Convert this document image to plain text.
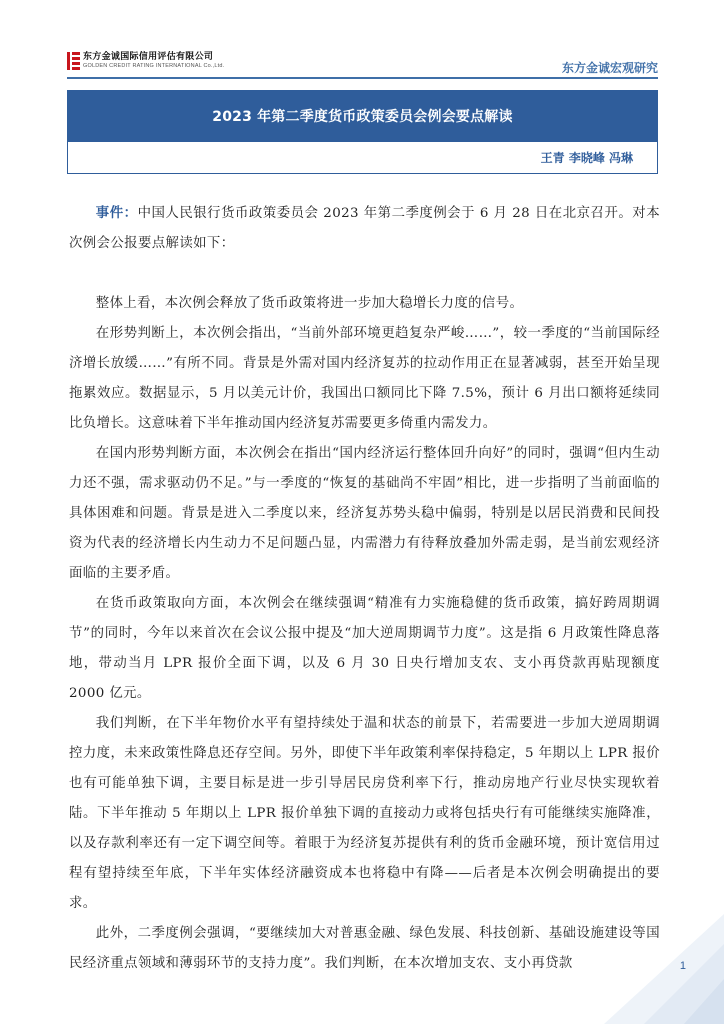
东方金诚国际信用评估有限公司
GOLDEN CREDIT RATING INTERNATIONAL Co.,Ltd.	东方金诚宏观研究
2023 年第二季度货币政策委员会例会要点解读
王青 李晓峰 冯琳

事件：中国人民银行货币政策委员会 2023 年第二季度例会于 6 月 28 日在北京召开。对本次例会公报要点解读如下：

整体上看，本次例会释放了货币政策将进一步加大稳增长力度的信号。

在形势判断上，本次例会指出，“当前外部环境更趋复杂严峻……”，较一季度的“当前国际经济增长放缓……”有所不同。背景是外需对国内经济复苏的拉动作用正在显著减弱，甚至开始呈现拖累效应。数据显示，5 月以美元计价，我国出口额同比下降 7.5%，预计 6 月出口额将延续同比负增长。这意味着下半年推动国内经济复苏需要更多倚重内需发力。

在国内形势判断方面，本次例会在指出“国内经济运行整体回升向好”的同时，强调“但内生动力还不强，需求驱动仍不足。”与一季度的“恢复的基础尚不牢固”相比，进一步指明了当前面临的具体困难和问题。背景是进入二季度以来，经济复苏势头稳中偏弱，特别是以居民消费和民间投资为代表的经济增长内生动力不足问题凸显，内需潜力有待释放叠加外需走弱，是当前宏观经济面临的主要矛盾。

在货币政策取向方面，本次例会在继续强调“精准有力实施稳健的货币政策，搞好跨周期调节”的同时，今年以来首次在会议公报中提及“加大逆周期调节力度”。这是指 6 月政策性降息落地，带动当月 LPR 报价全面下调，以及 6 月 30 日央行增加支农、支小再贷款再贴现额度 2000 亿元。

我们判断，在下半年物价水平有望持续处于温和状态的前景下，若需要进一步加大逆周期调控力度，未来政策性降息还存空间。另外，即使下半年政策利率保持稳定，5 年期以上 LPR 报价也有可能单独下调，主要目标是进一步引导居民房贷利率下行，推动房地产行业尽快实现软着陆。下半年推动 5 年期以上 LPR 报价单独下调的直接动力或将包括央行有可能继续实施降准，以及存款利率还有一定下调空间等。着眼于为经济复苏提供有利的货币金融环境，预计宽信用过程有望持续至年底，下半年实体经济融资成本也将稳中有降——后者是本次例会明确提出的要求。

此外，二季度例会强调，“要继续加大对普惠金融、绿色发展、科技创新、基础设施建设等国民经济重点领域和薄弱环节的支持力度”。我们判断，在本次增加支农、支小再贷款	1
